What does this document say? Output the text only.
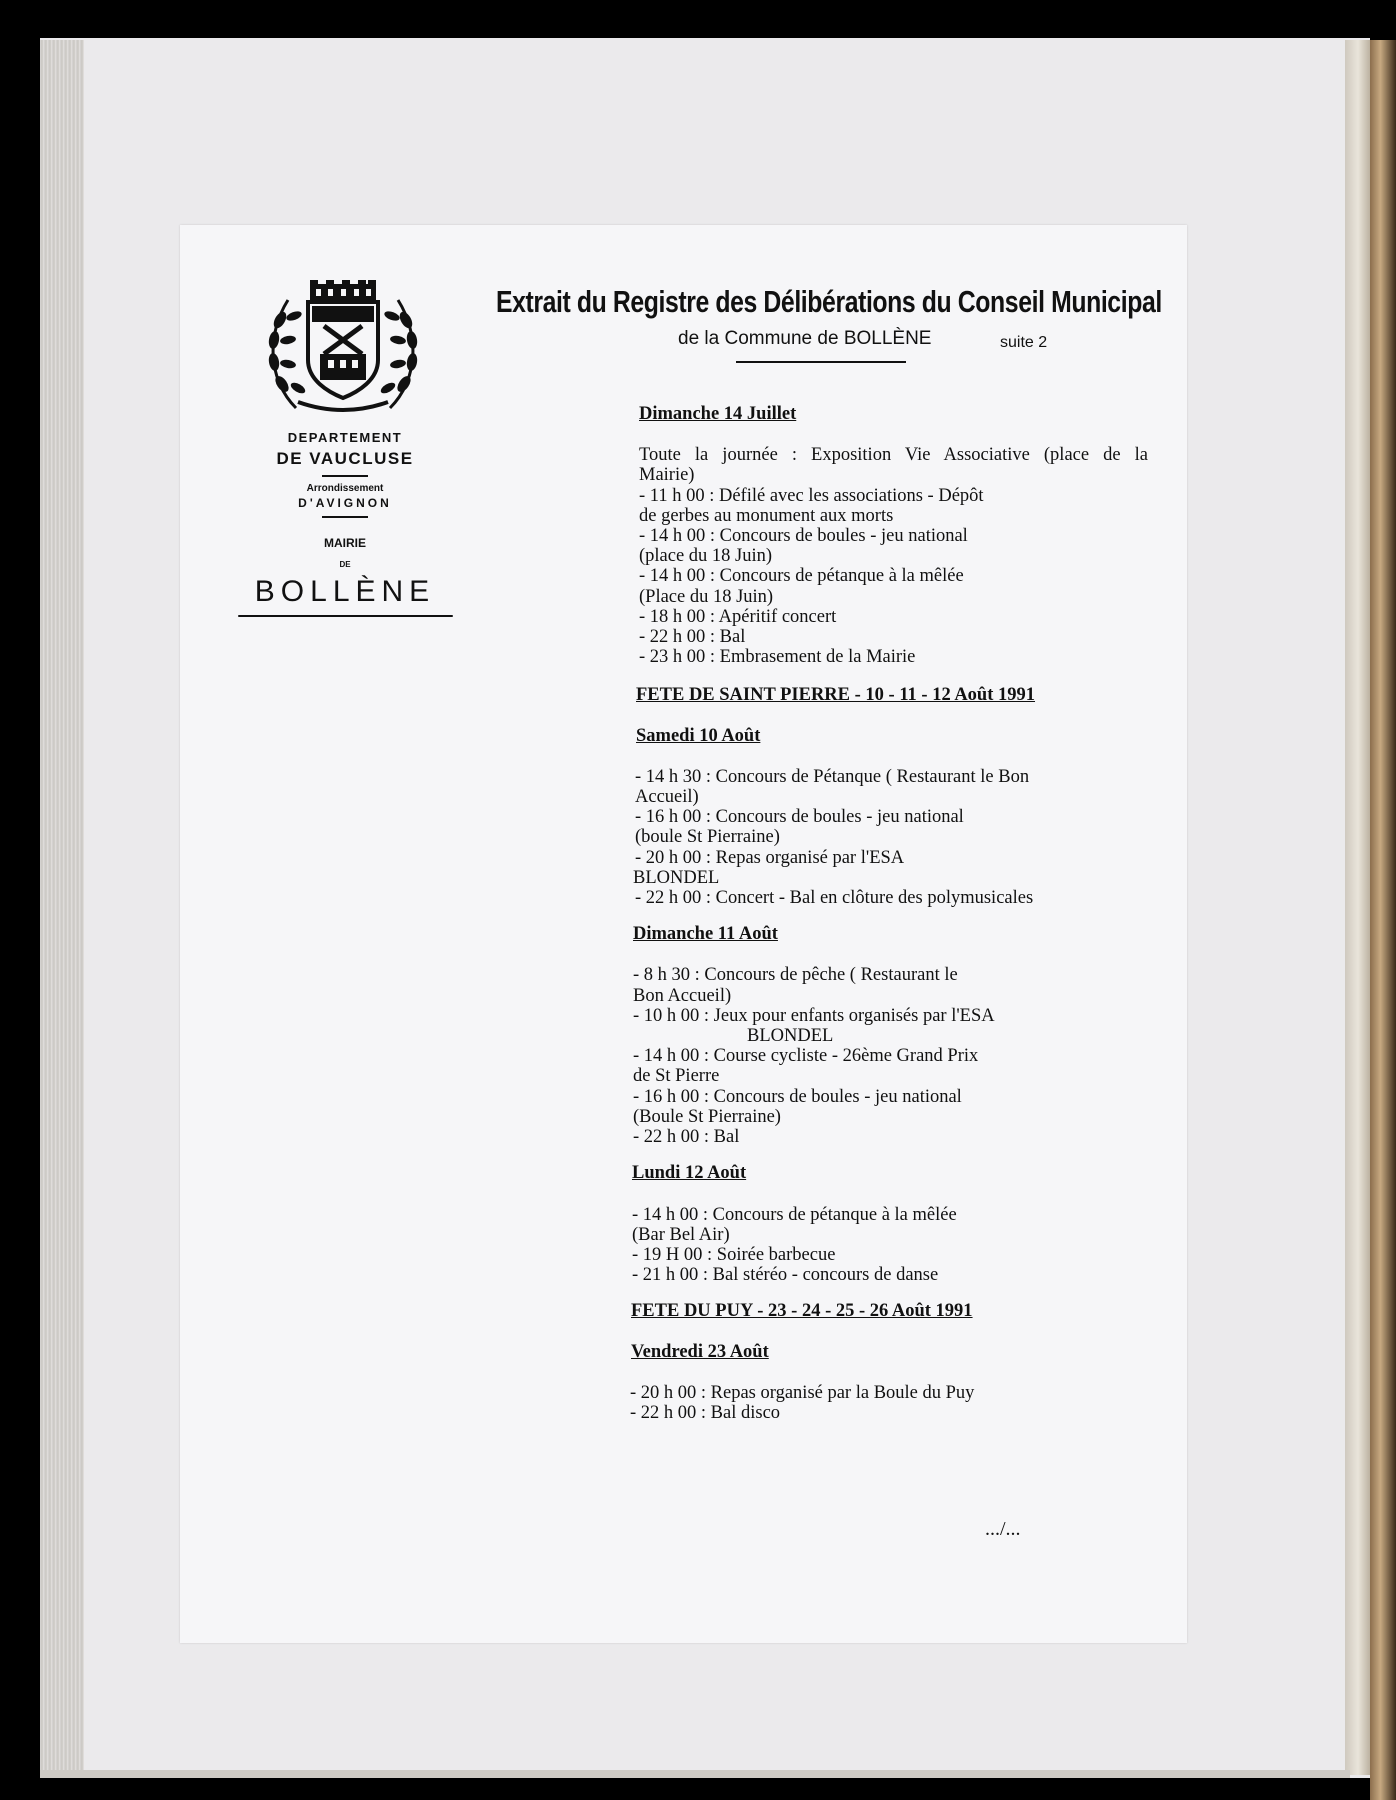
DEPARTEMENT
DE VAUCLUSE
Arrondissement
D'AVIGNON
MAIRIE
DE
BOLLÈNE
Extrait du Registre des Délibérations du Conseil Municipal
de la Commune de BOLLÈNE	suite 2
Dimanche 14 Juillet
Toute la journée : Exposition Vie Associative (place de la
Mairie)
- 11 h 00 : Défilé avec les associations - Dépôt
de gerbes au monument aux morts
- 14 h 00 : Concours de boules - jeu national
(place du 18 Juin)
- 14 h 00 : Concours de pétanque à la mêlée
(Place du 18 Juin)
- 18 h 00 : Apéritif concert
- 22 h 00 : Bal
- 23 h 00 : Embrasement de la Mairie
FETE DE SAINT PIERRE - 10 - 11 - 12 Août 1991
Samedi 10 Août
- 14 h 30 : Concours de Pétanque ( Restaurant le Bon
Accueil)
- 16 h 00 : Concours de boules - jeu national
(boule St Pierraine)
- 20 h 00 : Repas organisé par l'ESA
BLONDEL
- 22 h 00 : Concert - Bal en clôture des polymusicales
Dimanche 11 Août
- 8 h 30 : Concours de pêche ( Restaurant le
Bon Accueil)
- 10 h 00 : Jeux pour enfants organisés par l'ESA
BLONDEL
- 14 h 00 : Course cycliste - 26ème Grand Prix
de St Pierre
- 16 h 00 : Concours de boules - jeu national
(Boule St Pierraine)
- 22 h 00 : Bal
Lundi 12 Août
- 14 h 00 : Concours de pétanque à la mêlée
(Bar Bel Air)
- 19 H 00 : Soirée barbecue
- 21 h 00 : Bal stéréo - concours de danse
FETE DU PUY - 23 - 24 - 25 - 26 Août 1991
Vendredi 23 Août
- 20 h 00 : Repas organisé par la Boule du Puy
- 22 h 00 : Bal disco
.../...
